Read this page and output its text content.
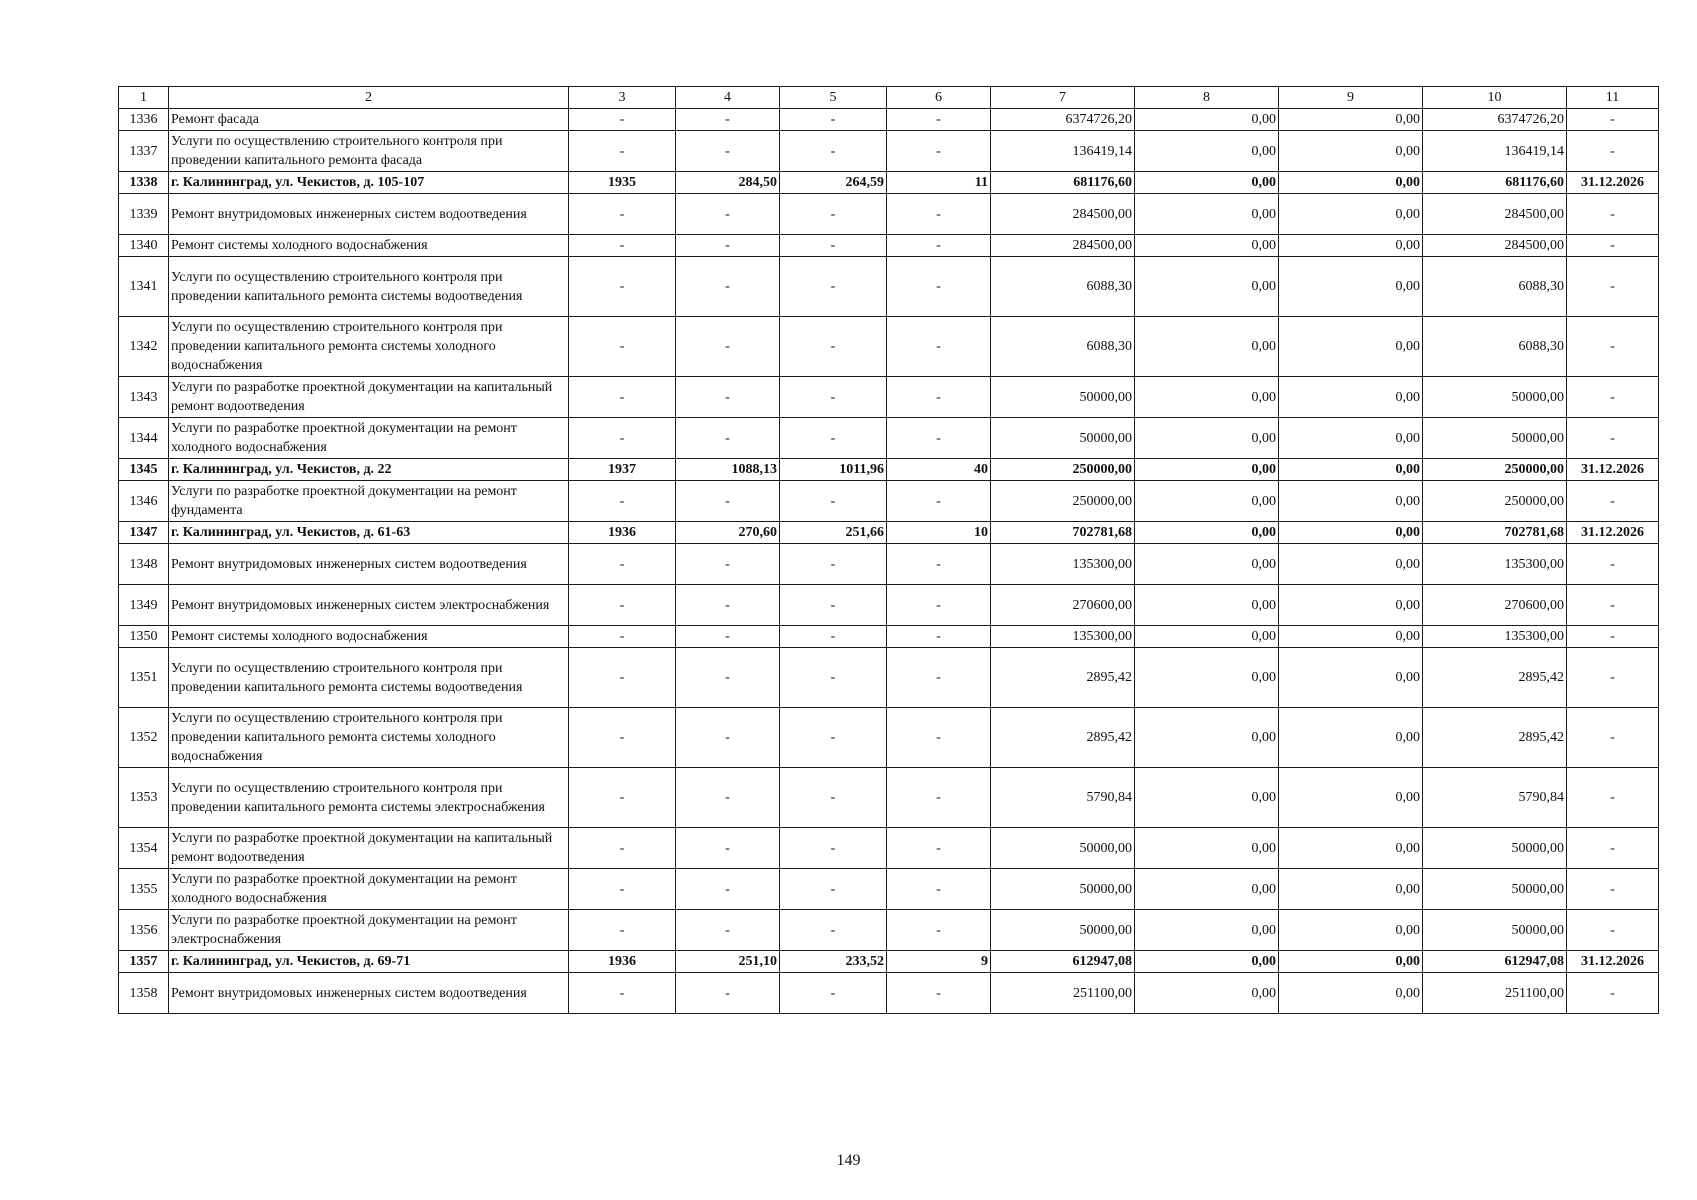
1	2	3	4	5	6	7	8	9	10	11
1336	Ремонт фасада	-	-	-	-	6374726,20	0,00	0,00	6374726,20	-
1337	Услуги по осуществлению строительного контроля при проведении капитального ремонта фасада	-	-	-	-	136419,14	0,00	0,00	136419,14	-
1338	г. Калининград, ул. Чекистов, д. 105-107	1935	284,50	264,59	11	681176,60	0,00	0,00	681176,60	31.12.2026
1339	Ремонт внутридомовых инженерных систем водоотведения	-	-	-	-	284500,00	0,00	0,00	284500,00	-
1340	Ремонт системы холодного водоснабжения	-	-	-	-	284500,00	0,00	0,00	284500,00	-
1341	Услуги по осуществлению строительного контроля при проведении капитального ремонта системы водоотведения	-	-	-	-	6088,30	0,00	0,00	6088,30	-
1342	Услуги по осуществлению строительного контроля при проведении капитального ремонта системы холодного водоснабжения	-	-	-	-	6088,30	0,00	0,00	6088,30	-
1343	Услуги по разработке проектной документации на капитальный ремонт водоотведения	-	-	-	-	50000,00	0,00	0,00	50000,00	-
1344	Услуги по разработке проектной документации на ремонт холодного водоснабжения	-	-	-	-	50000,00	0,00	0,00	50000,00	-
1345	г. Калининград, ул. Чекистов, д. 22	1937	1088,13	1011,96	40	250000,00	0,00	0,00	250000,00	31.12.2026
1346	Услуги по разработке проектной документации на ремонт фундамента	-	-	-	-	250000,00	0,00	0,00	250000,00	-
1347	г. Калининград, ул. Чекистов, д. 61-63	1936	270,60	251,66	10	702781,68	0,00	0,00	702781,68	31.12.2026
1348	Ремонт внутридомовых инженерных систем водоотведения	-	-	-	-	135300,00	0,00	0,00	135300,00	-
1349	Ремонт внутридомовых инженерных систем электроснабжения	-	-	-	-	270600,00	0,00	0,00	270600,00	-
1350	Ремонт системы холодного водоснабжения	-	-	-	-	135300,00	0,00	0,00	135300,00	-
1351	Услуги по осуществлению строительного контроля при проведении капитального ремонта системы водоотведения	-	-	-	-	2895,42	0,00	0,00	2895,42	-
1352	Услуги по осуществлению строительного контроля при проведении капитального ремонта системы холодного водоснабжения	-	-	-	-	2895,42	0,00	0,00	2895,42	-
1353	Услуги по осуществлению строительного контроля при проведении капитального ремонта системы электроснабжения	-	-	-	-	5790,84	0,00	0,00	5790,84	-
1354	Услуги по разработке проектной документации на капитальный ремонт водоотведения	-	-	-	-	50000,00	0,00	0,00	50000,00	-
1355	Услуги по разработке проектной документации на ремонт холодного водоснабжения	-	-	-	-	50000,00	0,00	0,00	50000,00	-
1356	Услуги по разработке проектной документации на ремонт электроснабжения	-	-	-	-	50000,00	0,00	0,00	50000,00	-
1357	г. Калининград, ул. Чекистов, д. 69-71	1936	251,10	233,52	9	612947,08	0,00	0,00	612947,08	31.12.2026
1358	Ремонт внутридомовых инженерных систем водоотведения	-	-	-	-	251100,00	0,00	0,00	251100,00	-
149
